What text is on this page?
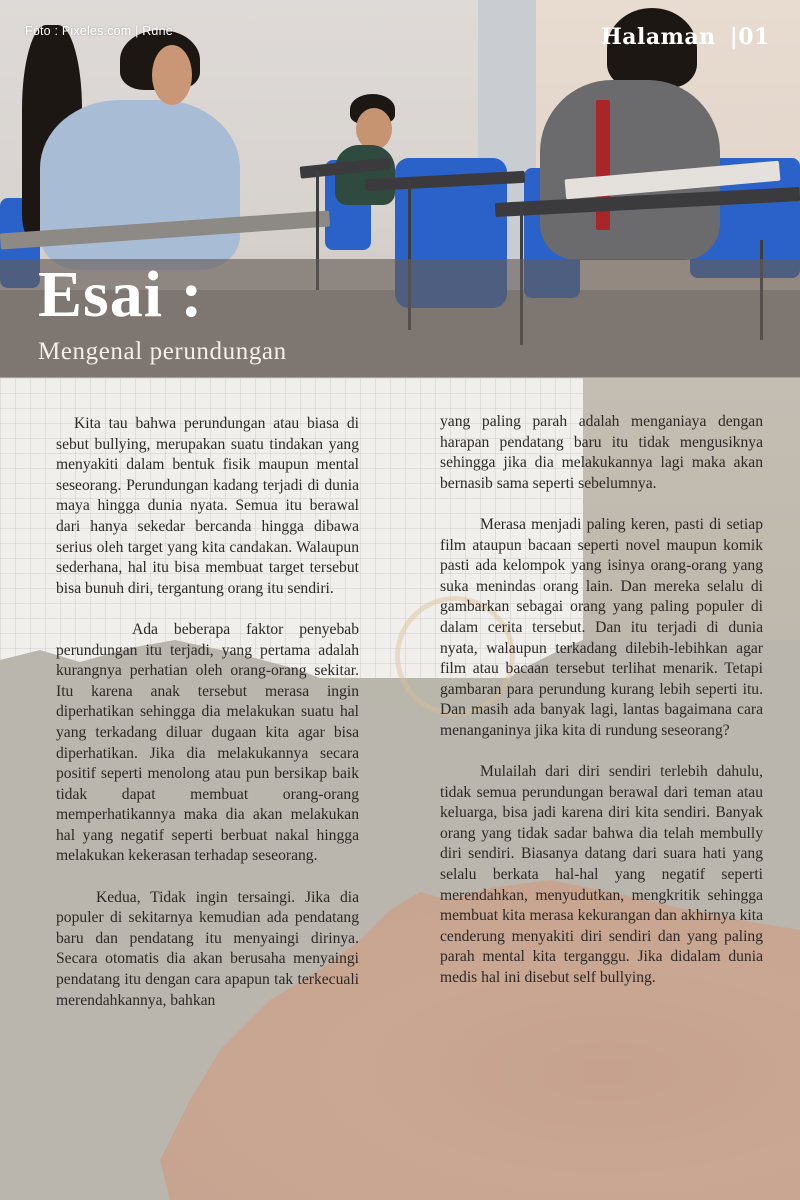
Foto : Pixeles.com | Rdne	Halaman |01
Esai :
Mengenal perundungan

Kita tau bahwa perundungan atau biasa di sebut bullying, merupakan suatu tindakan yang menyakiti dalam bentuk fisik maupun mental seseorang. Perundungan kadang terjadi di dunia maya hingga dunia nyata. Semua itu berawal dari hanya sekedar bercanda hingga dibawa serius oleh target yang kita candakan. Walaupun sederhana, hal itu bisa membuat target tersebut bisa bunuh diri, tergantung orang itu sendiri.

Ada beberapa faktor penyebab perundungan itu terjadi, yang pertama adalah kurangnya perhatian oleh orang-orang sekitar. Itu karena anak tersebut merasa ingin diperhatikan sehingga dia melakukan suatu hal yang terkadang diluar dugaan kita agar bisa diperhatikan. Jika dia melakukannya secara positif seperti menolong atau pun bersikap baik tidak dapat membuat orang-orang memperhatikannya maka dia akan melakukan hal yang negatif seperti berbuat nakal hingga melakukan kekerasan terhadap seseorang.

Kedua, Tidak ingin tersaingi. Jika dia populer di sekitarnya kemudian ada pendatang baru dan pendatang itu menyaingi dirinya. Secara otomatis dia akan berusaha menyaingi pendatang itu dengan cara apapun tak terkecuali merendahkannya, bahkan

yang paling parah adalah menganiaya dengan harapan pendatang baru itu tidak mengusiknya sehingga jika dia melakukannya lagi maka akan bernasib sama seperti sebelumnya.

Merasa menjadi paling keren, pasti di setiap film ataupun bacaan seperti novel maupun komik pasti ada kelompok yang isinya orang-orang yang suka menindas orang lain. Dan mereka selalu di gambarkan sebagai orang yang paling populer di dalam cerita tersebut. Dan itu terjadi di dunia nyata, walaupun terkadang dilebih-lebihkan agar film atau bacaan tersebut terlihat menarik. Tetapi gambaran para perundung kurang lebih seperti itu. Dan masih ada banyak lagi, lantas bagaimana cara menanganinya jika kita di rundung seseorang?

Mulailah dari diri sendiri terlebih dahulu, tidak semua perundungan berawal dari teman atau keluarga, bisa jadi karena diri kita sendiri. Banyak orang yang tidak sadar bahwa dia telah membully diri sendiri. Biasanya datang dari suara hati yang selalu berkata hal-hal yang negatif seperti merendahkan, menyudutkan, mengkritik sehingga membuat kita merasa kekurangan dan akhirnya kita cenderung menyakiti diri sendiri dan yang paling parah mental kita terganggu. Jika didalam dunia medis hal ini disebut self bullying.
